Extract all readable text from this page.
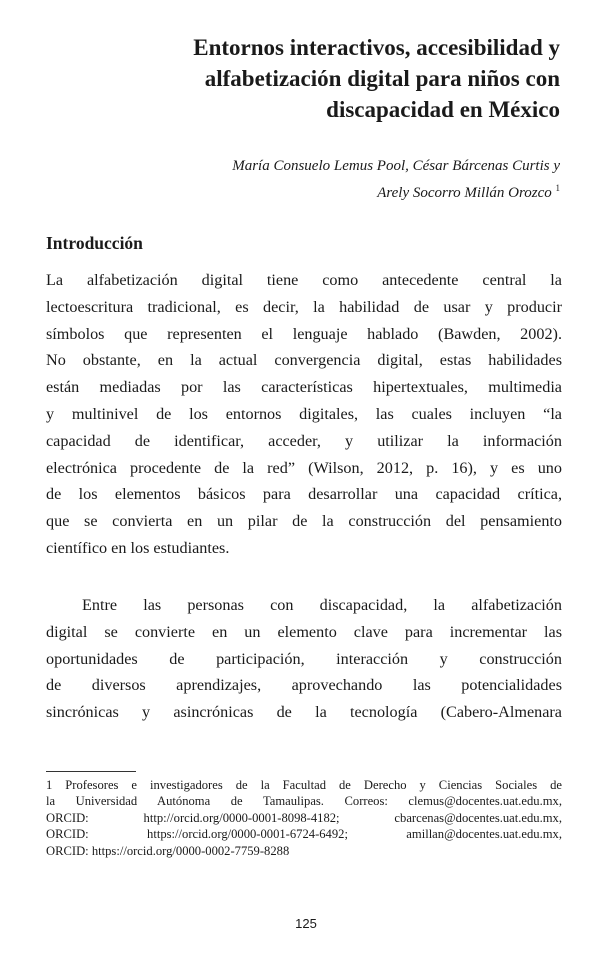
Entornos interactivos, accesibilidad y
alfabetización digital para niños con
discapacidad en México

María Consuelo Lemus Pool, César Bárcenas Curtis y
Arely Socorro Millán Orozco $^1$

Introducción

La alfabetización digital tiene como antecedente central la
lectoescritura tradicional, es decir, la habilidad de usar y producir
símbolos que representen el lenguaje hablado (Bawden, 2002).
No obstante, en la actual convergencia digital, estas habilidades
están mediadas por las características hipertextuales, multimedia
y multinivel de los entornos digitales, las cuales incluyen “la
capacidad de identificar, acceder, y utilizar la información
electrónica procedente de la red” (Wilson, 2012, p. 16), y es uno
de los elementos básicos para desarrollar una capacidad crítica,
que se convierta en un pilar de la construcción del pensamiento
científico en los estudiantes.

Entre las personas con discapacidad, la alfabetización
digital se convierte en un elemento clave para incrementar las
oportunidades de participación, interacción y construcción
de diversos aprendizajes, aprovechando las potencialidades
sincrónicas y asincrónicas de la tecnología (Cabero-Almenara

1 Profesores e investigadores de la Facultad de Derecho y Ciencias Sociales de
la Universidad Autónoma de Tamaulipas. Correos: clemus@docentes.uat.edu.mx,
ORCID: http://orcid.org/0000-0001-8098-4182; cbarcenas@docentes.uat.edu.mx,
ORCID: https://orcid.org/0000-0001-6724-6492; amillan@docentes.uat.edu.mx,
ORCID: https://orcid.org/0000-0002-7759-8288

125
